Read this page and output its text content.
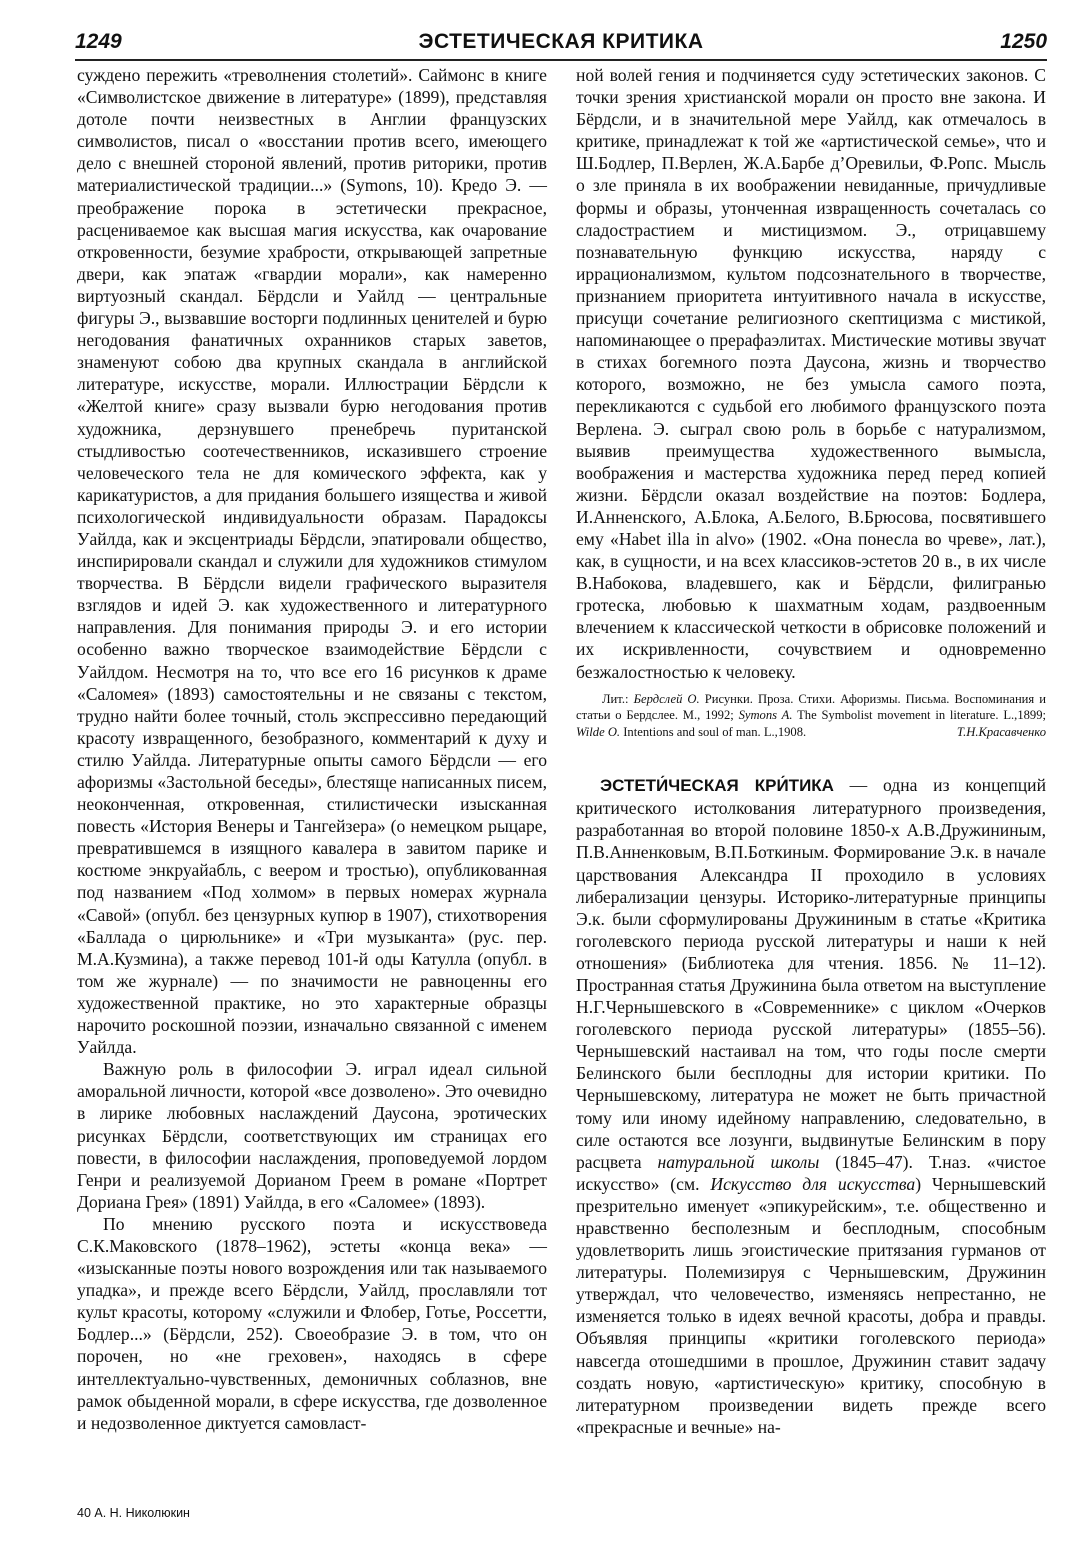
1249	ЭСТЕТИЧЕСКАЯ КРИТИКА	1250

суждено пережить «треволнения столетий». Саймонс в книге «Символистское движение в литературе» (1899), представляя дотоле почти неизвестных в Англии французских символистов, писал о «восстании против всего, имеющего дело с внешней стороной явлений, против риторики, против материалистической традиции...» (Symons, 10). Кредо Э. — преображение порока в эстетически прекрасное, расцениваемое как высшая магия искусства, как очарование откровенности, безумие храбрости, открывающей запретные двери, как эпатаж «гвардии морали», как намеренно виртуозный скандал. Бёрдсли и Уайлд — центральные фигуры Э., вызвавшие восторги подлинных ценителей и бурю негодования фанатичных охранников старых заветов, знаменуют собою два крупных скандала в английской литературе, искусстве, морали. Иллюстрации Бёрдсли к «Желтой книге» сразу вызвали бурю негодования против художника, дерзнувшего пренебречь пуританской стыдливостью соотечественников, исказившего строение человеческого тела не для комического эффекта, как у карикатуристов, а для придания большего изящества и живой психологической индивидуальности образам. Парадоксы Уайлда, как и эксцентриады Бёрдсли, эпатировали общество, инспирировали скандал и служили для художников стимулом творчества. В Бёрдсли видели графического выразителя взглядов и идей Э. как художественного и литературного направления. Для понимания природы Э. и его истории особенно важно творческое взаимодействие Бёрдсли с Уайлдом. Несмотря на то, что все его 16 рисунков к драме «Саломея» (1893) самостоятельны и не связаны с текстом, трудно найти более точный, столь экспрессивно передающий красоту извращенного, безобразного, комментарий к духу и стилю Уайлда. Литературные опыты самого Бёрдсли — его афоризмы «Застольной беседы», блестяще написанных писем, неоконченная, откровенная, стилистически изысканная повесть «История Венеры и Тангейзера» (о немецком рыцаре, превратившемся в изящного кавалера в завитом парике и костюме энкруайабль, с веером и тростью), опубликованная под названием «Под холмом» в первых номерах журнала «Савой» (опубл. без цензурных купюр в 1907), стихотворения «Баллада о цирюльнике» и «Три музыканта» (рус. пер. М.А.Кузмина), а также перевод 101-й оды Катулла (опубл. в том же журнале) — по значимости не равноценны его художественной практике, но это характерные образцы нарочито роскошной поэзии, изначально связанной с именем Уайлда.

Важную роль в философии Э. играл идеал сильной аморальной личности, которой «все дозволено». Это очевидно в лирике любовных наслаждений Даусона, эротических рисунках Бёрдсли, соответствующих им страницах его повести, в философии наслаждения, проповедуемой лордом Генри и реализуемой Дорианом Греем в романе «Портрет Дориана Грея» (1891) Уайлда, в его «Саломее» (1893).

По мнению русского поэта и искусствоведа С.К.Маковского (1878–1962), эстеты «конца века» — «изысканные поэты нового возрождения или так называемого упадка», и прежде всего Бёрдсли, Уайлд, прославляли тот культ красоты, которому «служили и Флобер, Готье, Россетти, Бодлер...» (Бёрдсли, 252). Своеобразие Э. в том, что он порочен, но «не греховен», находясь в сфере интеллектуально-чувственных, демоничных соблазнов, вне рамок обыденной морали, в сфере искусства, где дозволенное и недозволенное диктуется самовласт-

ной волей гения и подчиняется суду эстетических законов. С точки зрения христианской морали он просто вне закона. И Бёрдсли, и в значительной мере Уайлд, как отмечалось в критике, принадлежат к той же «артистической семье», что и Ш.Бодлер, П.Верлен, Ж.А.Барбе д’Оревильи, Ф.Ропс. Мысль о зле приняла в их воображении невиданные, причудливые формы и образы, утонченная извращенность сочеталась со сладострастием и мистицизмом. Э., отрицавшему познавательную функцию искусства, наряду с иррационализмом, культом подсознательного в творчестве, признанием приоритета интуитивного начала в искусстве, присущи сочетание религиозного скептицизма с мистикой, напоминающее о прерафаэлитах. Мистические мотивы звучат в стихах богемного поэта Даусона, жизнь и творчество которого, возможно, не без умысла самого поэта, перекликаются с судьбой его любимого французского поэта Верлена. Э. сыграл свою роль в борьбе с натурализмом, выявив преимущества художественного вымысла, воображения и мастерства художника перед перед копией жизни. Бёрдсли оказал воздействие на поэтов: Бодлера, И.Анненского, А.Блока, А.Белого, В.Брюсова, посвятившего ему «Habet illa in alvo» (1902. «Она понесла во чреве», лат.), как, в сущности, и на всех классиков-эстетов 20 в., в их числе В.Набокова, владевшего, как и Бёрдсли, филигранью гротеска, любовью к шахматным ходам, раздвоенным влечением к классической четкости в обрисовке положений и их искривленности, сочувствием и одновременно безжалостностью к человеку.

Лит.: Бердслей О. Рисунки. Проза. Стихи. Афоризмы. Письма. Воспоминания и статьи о Бердслее. М., 1992; Symons A. The Symbolist movement in literature. L.,1899; Wilde O. Intentions and soul of man. L.,1908.	Т.Н.Красавченко

ЭСТЕТИ́ЧЕСКАЯ КРИ́ТИКА — одна из концепций критического истолкования литературного произведения, разработанная во второй половине 1850-х А.В.Дружининым, П.В.Анненковым, В.П.Боткиным. Формирование Э.к. в начале царствования Александра II проходило в условиях либерализации цензуры. Историко-литературные принципы Э.к. были сформулированы Дружининым в статье «Критика гоголевского периода русской литературы и наши к ней отношения» (Библиотека для чтения. 1856. № 11–12). Пространная статья Дружинина была ответом на выступление Н.Г.Чернышевского в «Современнике» с циклом «Очерков гоголевского периода русской литературы» (1855–56). Чернышевский настаивал на том, что годы после смерти Белинского были бесплодны для истории критики. По Чернышевскому, литература не может не быть причастной тому или иному идейному направлению, следовательно, в силе остаются все лозунги, выдвинутые Белинским в пору расцвета натуральной школы (1845–47). Т.наз. «чистое искусство» (см. Искусство для искусства) Чернышевский презрительно именует «эпикурейским», т.е. общественно и нравственно бесполезным и бесплодным, способным удовлетворить лишь эгоистические притязания гурманов от литературы. Полемизируя с Чернышевским, Дружинин утверждал, что человечество, изменяясь непрестанно, не изменяется только в идеях вечной красоты, добра и правды. Объявляя принципы «критики гоголевского периода» навсегда отошедшими в прошлое, Дружинин ставит задачу создать новую, «артистическую» критику, способную в литературном произведении видеть прежде всего «прекрасные и вечные» на-

40 А. Н. Николюкин
